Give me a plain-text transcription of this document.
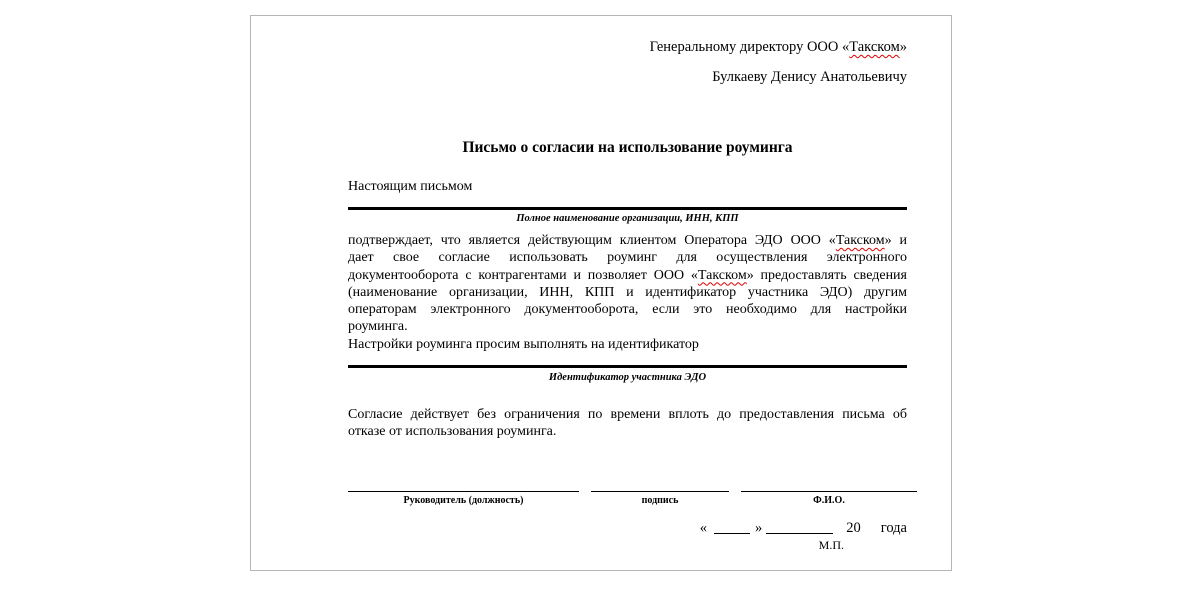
Генеральному директору ООО «Такском»
Булкаеву Денису Анатольевичу
Письмо о согласии на использование роуминга
Настоящим письмом
Полное наименование организации, ИНН, КПП
подтверждает, что является действующим клиентом Оператора ЭДО ООО «Такском» и
дает свое согласие использовать роуминг для осуществления электронного
документооборота с контрагентами и позволяет ООО «Такском» предоставлять сведения
(наименование организации, ИНН, КПП и идентификатор участника ЭДО) другим
операторам электронного документооборота, если это необходимо для настройки
роуминга.
Настройки роуминга просим выполнять на идентификатор
Идентификатор участника ЭДО
Согласие действует без ограничения по времени вплоть до предоставления письма об
отказе от использования роуминга.
Руководитель (должность)	подпись	Ф.И.О.
«	»	20 года
М.П.
